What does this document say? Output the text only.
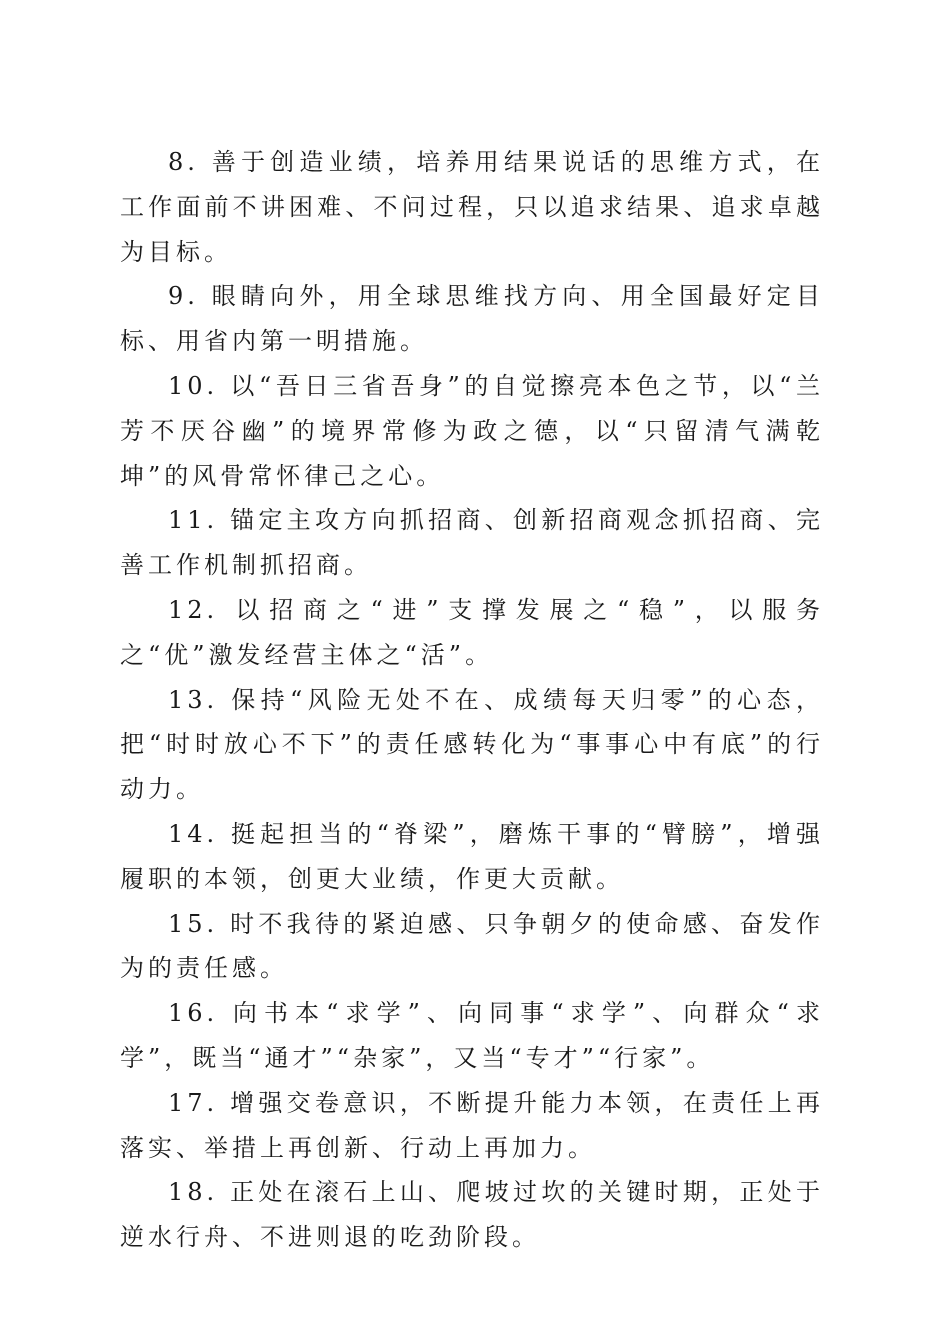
8. 善于创造业绩，培养用结果说话的思维方式，在工作面前不讲困难、不问过程，只以追求结果、追求卓越为目标。

9. 眼睛向外，用全球思维找方向、用全国最好定目标、用省内第一明措施。

10. 以“吾日三省吾身”的自觉擦亮本色之节，以“兰芳不厌谷幽”的境界常修为政之德，以“只留清气满乾坤”的风骨常怀律己之心。

11. 锚定主攻方向抓招商、创新招商观念抓招商、完善工作机制抓招商。

12. 以招商之“进”支撑发展之“稳”，以服务之“优”激发经营主体之“活”。

13. 保持“风险无处不在、成绩每天归零”的心态，把“时时放心不下”的责任感转化为“事事心中有底”的行动力。

14. 挺起担当的“脊梁”，磨炼干事的“臂膀”，增强履职的本领，创更大业绩，作更大贡献。

15. 时不我待的紧迫感、只争朝夕的使命感、奋发作为的责任感。

16. 向书本“求学”、向同事“求学”、向群众“求学”，既当“通才”“杂家”，又当“专才”“行家”。

17. 增强交卷意识，不断提升能力本领，在责任上再落实、举措上再创新、行动上再加力。

18. 正处在滚石上山、爬坡过坎的关键时期，正处于逆水行舟、不进则退的吃劲阶段。
